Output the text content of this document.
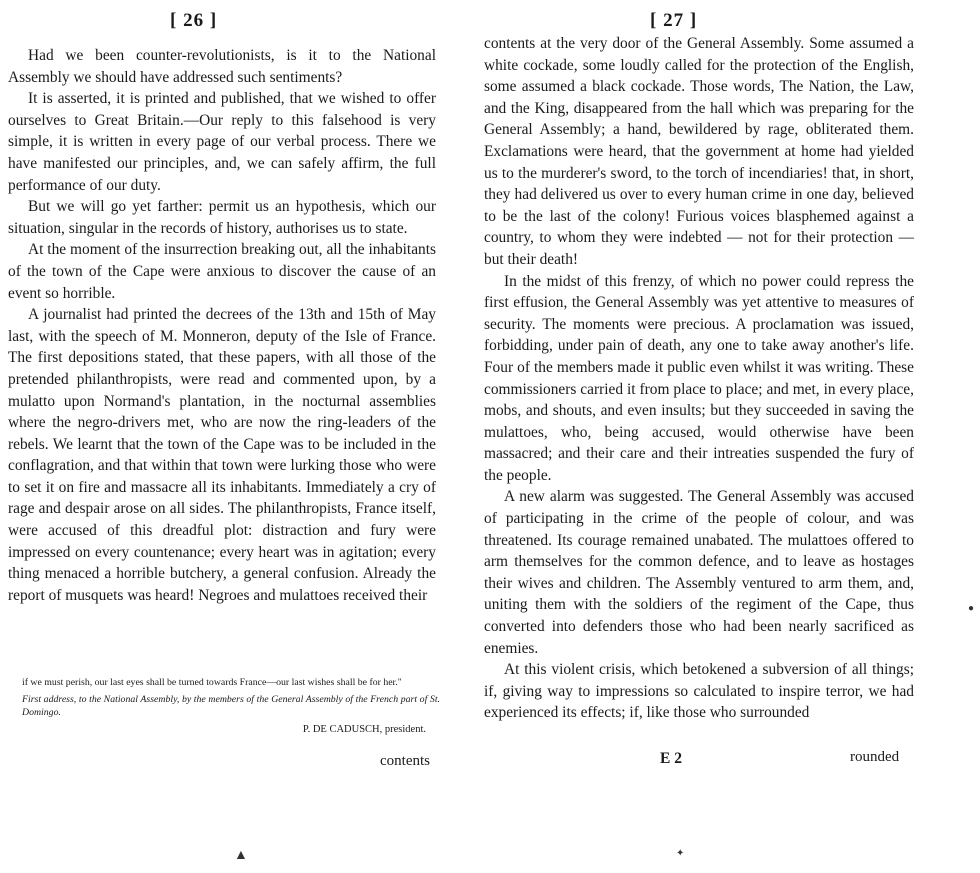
[ 26 ]

Had we been counter-revolutionists, is it to the National Assembly we should have addressed such sentiments?

It is asserted, it is printed and published, that we wished to offer ourselves to Great Britain.—Our reply to this falsehood is very simple, it is written in every page of our verbal process. There we have manifested our principles, and, we can safely affirm, the full performance of our duty.

But we will go yet farther: permit us an hypothesis, which our situation, singular in the records of history, authorises us to state.

At the moment of the insurrection breaking out, all the inhabitants of the town of the Cape were anxious to discover the cause of an event so horrible.

A journalist had printed the decrees of the 13th and 15th of May last, with the speech of M. Monneron, deputy of the Isle of France. The first depositions stated, that these papers, with all those of the pretended philanthropists, were read and commented upon, by a mulatto upon Normand's plantation, in the nocturnal assemblies where the negro-drivers met, who are now the ring-leaders of the rebels. We learnt that the town of the Cape was to be included in the conflagration, and that within that town were lurking those who were to set it on fire and massacre all its inhabitants. Immediately a cry of rage and despair arose on all sides. The philanthropists, France itself, were accused of this dreadful plot: distraction and fury were impressed on every countenance; every heart was in agitation; every thing menaced a horrible butchery, a general confusion. Already the report of musquets was heard! Negroes and mulattoes received their

if we must perish, our last eyes shall be turned towards France—our last wishes shall be for her."
First address, to the National Assembly, by the members of the General Assembly of the French part of St. Domingo.
P. DE CADUSCH, president.
contents
[ 27 ]

contents at the very door of the General Assembly. Some assumed a white cockade, some loudly called for the protection of the English, some assumed a black cockade. Those words, The Nation, the Law, and the King, disappeared from the hall which was preparing for the General Assembly; a hand, bewildered by rage, obliterated them. Exclamations were heard, that the government at home had yielded us to the murderer's sword, to the torch of incendiaries! that, in short, they had delivered us over to every human crime in one day, believed to be the last of the colony! Furious voices blasphemed against a country, to whom they were indebted — not for their protection — but their death!

In the midst of this frenzy, of which no power could repress the first effusion, the General Assembly was yet attentive to measures of security. The moments were precious. A proclamation was issued, forbidding, under pain of death, any one to take away another's life. Four of the members made it public even whilst it was writing. These commissioners carried it from place to place; and met, in every place, mobs, and shouts, and even insults; but they succeeded in saving the mulattoes, who, being accused, would otherwise have been massacred; and their care and their intreaties suspended the fury of the people.

A new alarm was suggested. The General Assembly was accused of participating in the crime of the people of colour, and was threatened. Its courage remained unabated. The mulattoes offered to arm themselves for the common defence, and to leave as hostages their wives and children. The Assembly ventured to arm them, and, uniting them with the soldiers of the regiment of the Cape, thus converted into defenders those who had been nearly sacrificed as enemies.

At this violent crisis, which betokened a subversion of all things; if, giving way to impressions so calculated to inspire terror, we had experienced its effects; if, like those who surrounded

E 2	rounded
▲	✦
●
